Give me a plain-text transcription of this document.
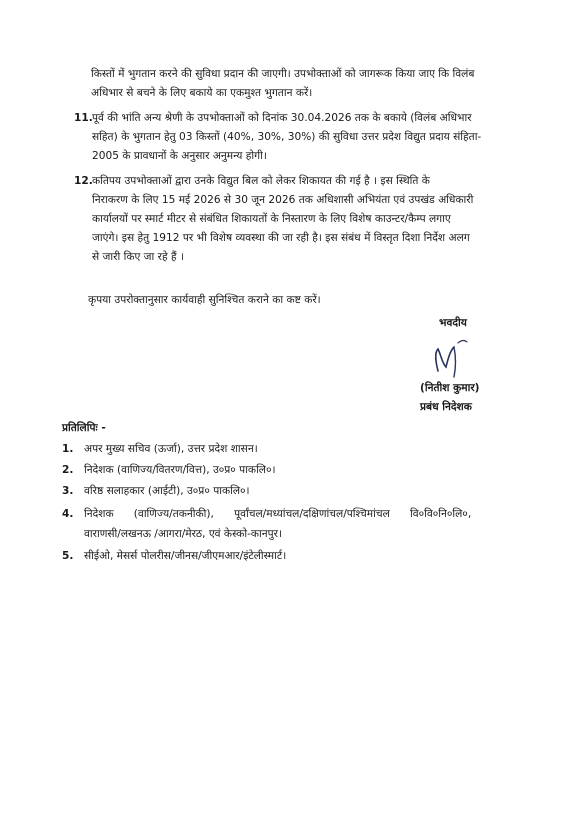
किस्तों में भुगतान करने की सुविधा प्रदान की जाएगी। उपभोक्ताओं को जागरूक किया जाए कि विलंब
अधिभार से बचने के लिए बकाये का एकमुश्त भुगतान करें।
11. पूर्व की भांति अन्य श्रेणी के उपभोक्ताओं को दिनांक 30.04.2026 तक के बकाये (विलंब अधिभार
सहित) के भुगतान हेतु 03 किस्तों (40%, 30%, 30%) की सुविधा उत्तर प्रदेश विद्युत प्रदाय संहिता-
2005 के प्रावधानों के अनुसार अनुमन्य होगी।
12. कतिपय उपभोक्ताओं द्वारा उनके विद्युत बिल को लेकर शिकायत की गई है । इस स्थिति के
निराकरण के लिए 15 मई 2026 से 30 जून 2026 तक अधिशासी अभियंता एवं उपखंड अधिकारी
कार्यालयों पर स्मार्ट मीटर से संबंधित शिकायतों के निस्तारण के लिए विशेष काउन्टर/कैम्प लगाए
जाएंगे। इस हेतु 1912 पर भी विशेष व्यवस्था की जा रही है। इस संबंध में विस्तृत दिशा निर्देश अलग
से जारी किए जा रहे हैं ।
कृपया उपरोक्तानुसार कार्यवाही सुनिश्चित कराने का कष्ट करें।
भवदीय
(नितीश कुमार)
प्रबंध निदेशक
प्रतिलिपिः -
1. अपर मुख्य सचिव (ऊर्जा), उत्तर प्रदेश शासन।
2. निदेशक (वाणिज्य/वितरण/वित्त), उ०प्र० पाकलि०।
3. वरिष्ठ सलाहकार (आईटी), उ०प्र० पाकलि०।
4. निदेशक      (वाणिज्य/तकनीकी),      पूर्वांचल/मध्यांचल/दक्षिणांचल/पश्चिमांचल      वि०वि०नि०लि०,
वाराणसी/लखनऊ /आगरा/मेरठ, एवं केस्को-कानपुर।
5. सीईओ, मेसर्स पोलरीस/जीनस/जीएमआर/इंटेलीस्मार्ट।
